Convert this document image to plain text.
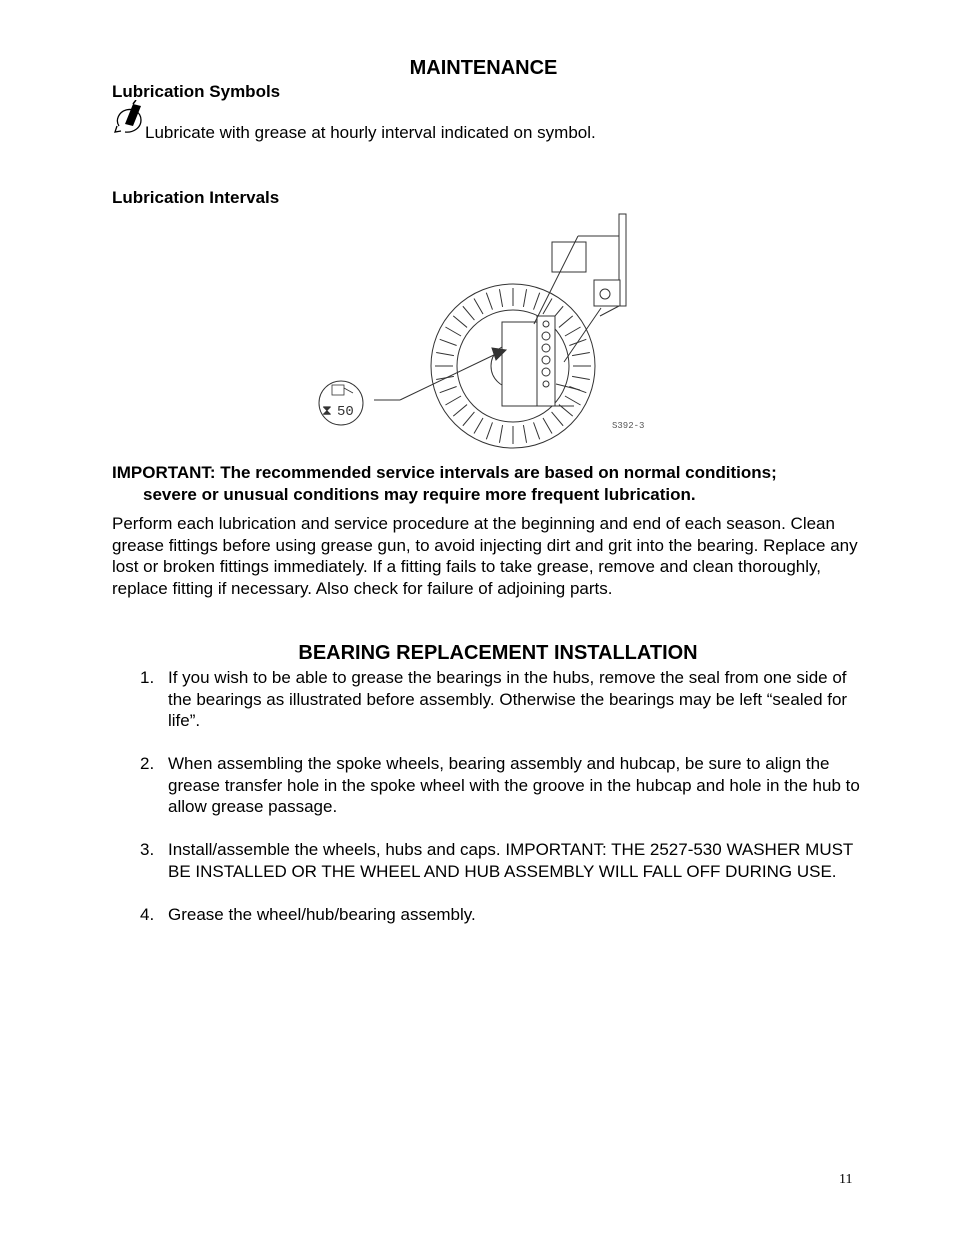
MAINTENANCE
Lubrication Symbols
Lubricate with grease at hourly interval indicated on symbol.
Lubrication Intervals
50
⧗
S392-3
IMPORTANT: The recommended service intervals are based on normal conditions;
severe or unusual conditions may require more frequent lubrication.
Perform each lubrication and service procedure at the beginning and end of each season. Clean grease fittings before using grease gun, to avoid injecting dirt and grit into the bearing. Replace any lost or broken fittings immediately. If a fitting fails to take grease, remove and clean thoroughly, replace fitting if necessary. Also check for failure of adjoining parts.
BEARING REPLACEMENT INSTALLATION
1. If you wish to be able to grease the bearings in the hubs, remove the seal from one side of the bearings as illustrated before assembly. Otherwise the bearings may be left “sealed for life”.
2. When assembling the spoke wheels, bearing assembly and hubcap, be sure to align the grease transfer hole in the spoke wheel with the groove in the hubcap and hole in the hub to allow grease passage.
3. Install/assemble the wheels, hubs and caps. IMPORTANT: THE 2527-530 WASHER MUST BE INSTALLED OR THE WHEEL AND HUB ASSEMBLY WILL FALL OFF DURING USE.
4. Grease the wheel/hub/bearing assembly.
11
